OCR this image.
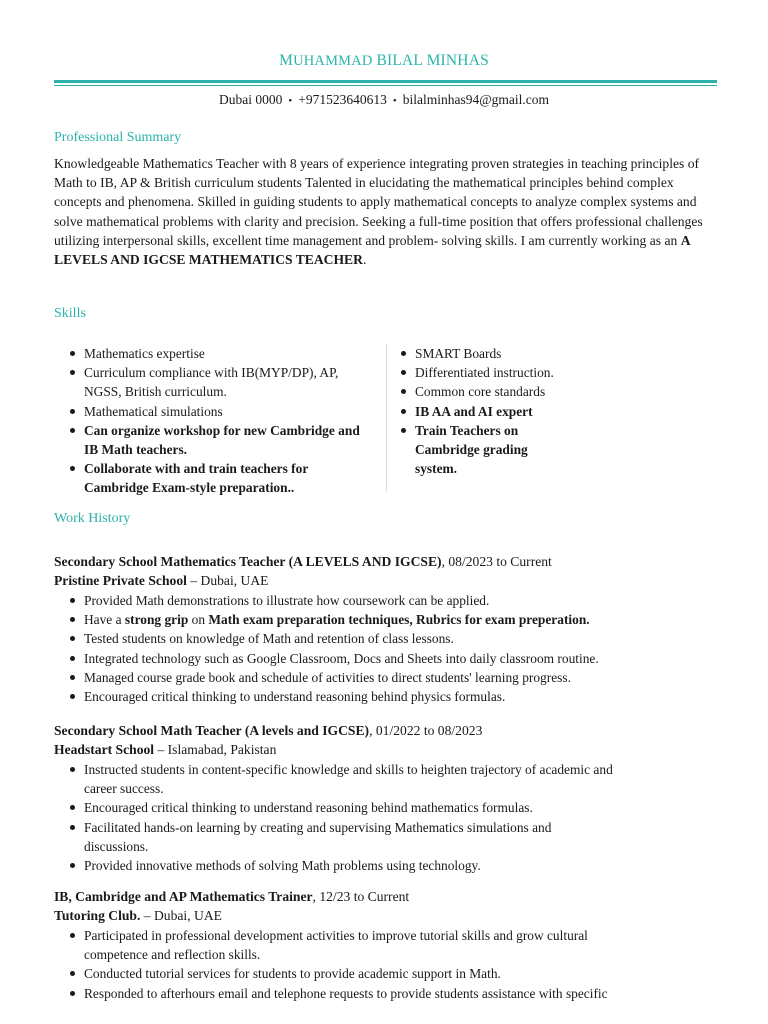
MUHAMMAD BILAL MINHAS
Dubai 0000 • +971523640613 • bilalminhas94@gmail.com
Professional Summary
Knowledgeable Mathematics Teacher with 8 years of experience integrating proven strategies in teaching principles of Math to IB, AP & British curriculum students Talented in elucidating the mathematical principles behind complex concepts and phenomena. Skilled in guiding students to apply mathematical concepts to analyze complex systems and solve mathematical problems with clarity and precision. Seeking a full-time position that offers professional challenges utilizing interpersonal skills, excellent time management and problem- solving skills. I am currently working as an A LEVELS AND IGCSE MATHEMATICS TEACHER.
Skills
Mathematics expertise
Curriculum compliance with IB(MYP/DP), AP, NGSS, British curriculum.
Mathematical simulations
Can organize workshop for new Cambridge and IB Math teachers.
Collaborate with and train teachers for Cambridge Exam-style preparation..
SMART Boards
Differentiated instruction.
Common core standards
IB AA and AI expert
Train Teachers on Cambridge grading system.
Work History
Secondary School Mathematics Teacher (A LEVELS AND IGCSE), 08/2023 to Current
Pristine Private School – Dubai, UAE
Provided Math demonstrations to illustrate how coursework can be applied.
Have a strong grip on Math exam preparation techniques, Rubrics for exam preperation.
Tested students on knowledge of Math and retention of class lessons.
Integrated technology such as Google Classroom, Docs and Sheets into daily classroom routine.
Managed course grade book and schedule of activities to direct students' learning progress.
Encouraged critical thinking to understand reasoning behind physics formulas.
Secondary School Math Teacher (A levels and IGCSE), 01/2022 to 08/2023
Headstart School – Islamabad, Pakistan
Instructed students in content-specific knowledge and skills to heighten trajectory of academic and career success.
Encouraged critical thinking to understand reasoning behind mathematics formulas.
Facilitated hands-on learning by creating and supervising Mathematics simulations and discussions.
Provided innovative methods of solving Math problems using technology.
IB, Cambridge and AP Mathematics Trainer, 12/23 to Current
Tutoring Club. – Dubai, UAE
Participated in professional development activities to improve tutorial skills and grow cultural competence and reflection skills.
Conducted tutorial services for students to provide academic support in Math.
Responded to afterhours email and telephone requests to provide students assistance with specific
